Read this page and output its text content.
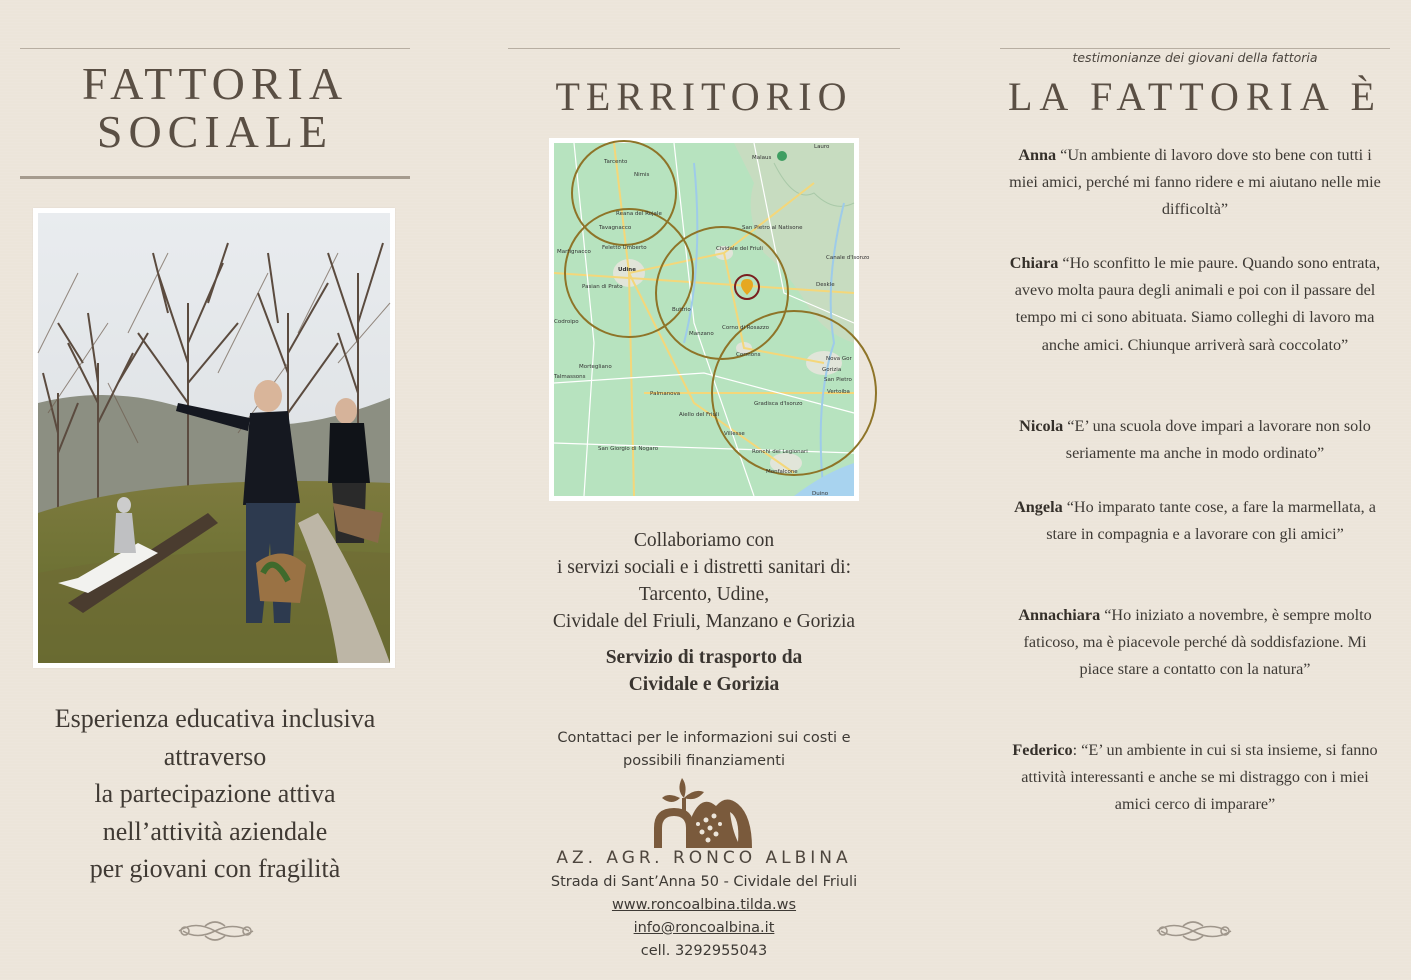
FATTORIA
SOCIALE
Esperienza educativa inclusiva
attraverso
la partecipazione attiva
nell’attività aziendale
per giovani con fragilità
TERRITORIO
Tarcento
Nimis
Reana del Rojale
Tavagnacco
Feletto Umberto
Martignacco
Udine
Pasian di Prato
Buttrio
Cividale del Friuli
San Pietro al Natisone
Manzano
Corno di Rosazzo
Cormons
Mortegliano
Palmanova
Aiello del Friuli
Gradisca d'Isonzo
Villesse
San Giorgio di Nogaro	Ronchi dei Legionari
Monfalcone
Gorizia
Nova Gor
San Pietro
Vertoiba
Canale d'Isonzo
Deskle
Malaus
Lauro
Duino
Talmassons
Codroipo
Collaboriamo con
i servizi sociali e i distretti sanitari di:
Tarcento, Udine,
Cividale del Friuli, Manzano e Gorizia
Servizio di trasporto da
Cividale e Gorizia
Contattaci per le informazioni sui costi e
possibili finanziamenti
AZ. AGR. RONCO ALBINA
Strada di Sant’Anna 50 - Cividale del Friuli
www.roncoalbina.tilda.ws
info@roncoalbina.it
cell. 3292955043
testimonianze dei giovani della fattoria
LA FATTORIA È
Anna “Un ambiente di lavoro dove sto bene con tutti i miei amici, perché mi fanno ridere e mi aiutano nelle mie difficoltà”
Chiara “Ho sconfitto le mie paure. Quando sono entrata, avevo molta paura degli animali e poi con il passare del tempo mi ci sono abituata. Siamo colleghi di lavoro ma anche amici. Chiunque arriverà sarà coccolato”
Nicola “E’ una scuola dove impari a lavorare non solo seriamente ma anche in modo ordinato”
Angela “Ho imparato tante cose, a fare la marmellata, a stare in compagnia e a lavorare con gli amici”
Annachiara “Ho iniziato a novembre, è sempre molto faticoso, ma è piacevole perché dà soddisfazione. Mi piace stare a contatto con la natura”
Federico: “E’ un ambiente in cui si sta insieme, si fanno attività interessanti e anche se mi distraggo con i miei amici cerco di imparare”
